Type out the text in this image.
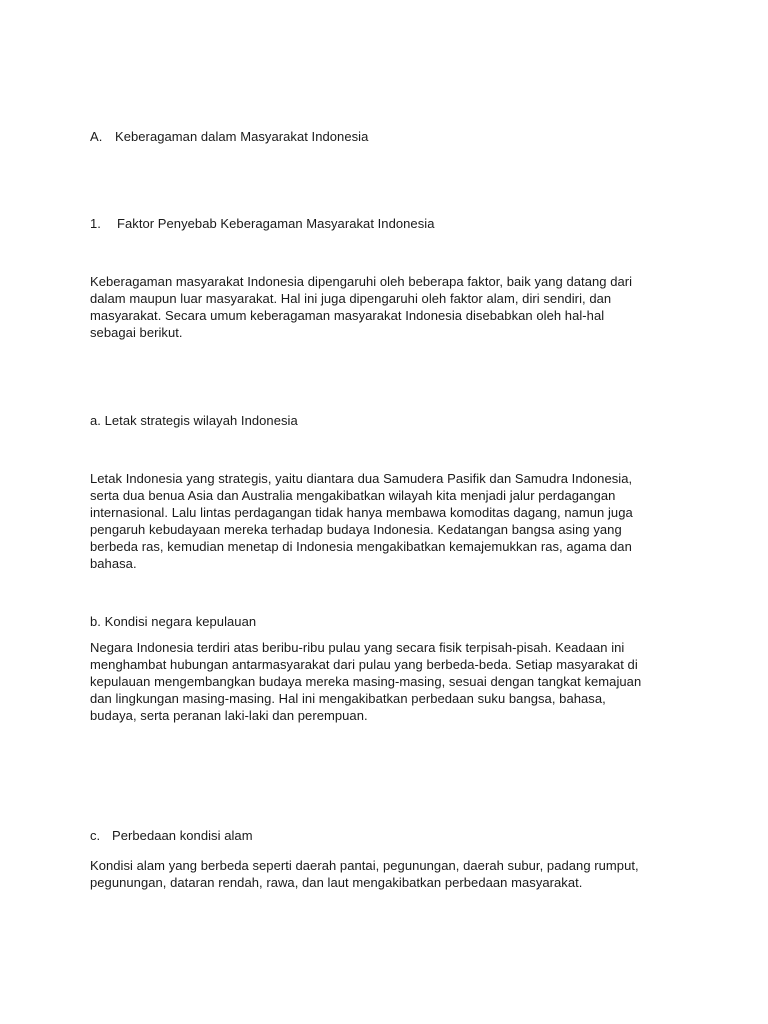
A. Keberagaman dalam Masyarakat Indonesia
1.	Faktor Penyebab Keberagaman Masyarakat Indonesia
Keberagaman masyarakat Indonesia dipengaruhi oleh beberapa faktor, baik yang datang dari
dalam maupun luar masyarakat. Hal ini juga dipengaruhi oleh faktor alam, diri sendiri, dan
masyarakat. Secara umum keberagaman masyarakat Indonesia disebabkan oleh hal-hal
sebagai berikut.
a. Letak strategis wilayah Indonesia
Letak Indonesia yang strategis, yaitu diantara dua Samudera Pasifik dan Samudra Indonesia,
serta dua benua Asia dan Australia mengakibatkan wilayah kita menjadi jalur perdagangan
internasional. Lalu lintas perdagangan tidak hanya membawa komoditas dagang, namun juga
pengaruh kebudayaan mereka terhadap budaya Indonesia. Kedatangan bangsa asing yang
berbeda ras, kemudian menetap di Indonesia mengakibatkan kemajemukkan ras, agama dan
bahasa.
b. Kondisi negara kepulauan
Negara Indonesia terdiri atas beribu-ribu pulau yang secara fisik terpisah-pisah. Keadaan ini
menghambat hubungan antarmasyarakat dari pulau yang berbeda-beda. Setiap masyarakat di
kepulauan mengembangkan budaya mereka masing-masing, sesuai dengan tangkat kemajuan
dan lingkungan masing-masing. Hal ini mengakibatkan perbedaan suku bangsa, bahasa,
budaya, serta peranan laki-laki dan perempuan.
c. Perbedaan kondisi alam
Kondisi alam yang berbeda seperti daerah pantai, pegunungan, daerah subur, padang rumput,
pegunungan, dataran rendah, rawa, dan laut mengakibatkan perbedaan masyarakat.
